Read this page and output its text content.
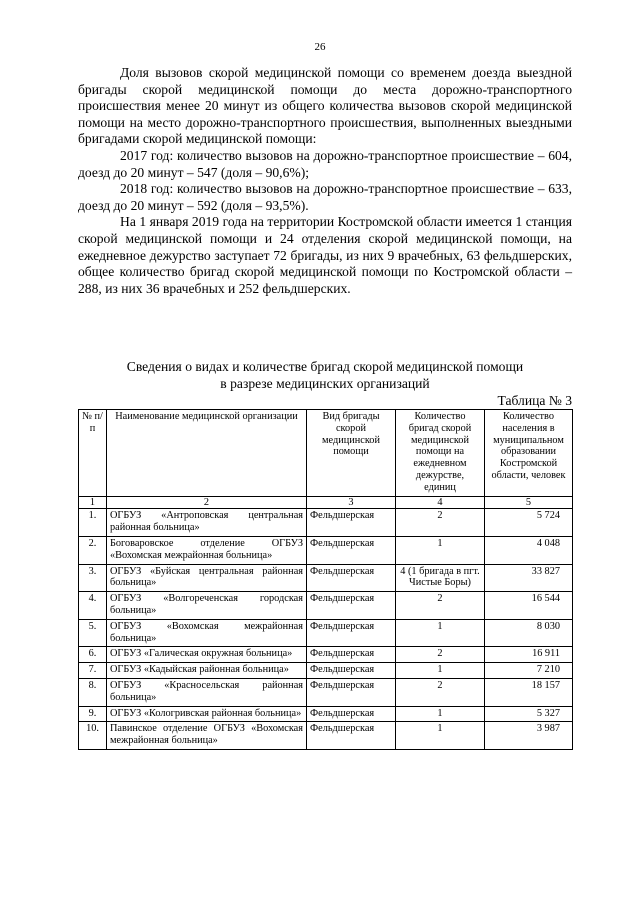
26

Доля вызовов скорой медицинской помощи со временем доезда выездной бригады скорой медицинской помощи до места дорожно-транспортного происшествия менее 20 минут из общего количества вызовов скорой медицинской помощи на место дорожно-транспортного происшествия, выполненных выездными бригадами скорой медицинской помощи:

2017 год: количество вызовов на дорожно-транспортное происшествие – 604, доезд до 20 минут – 547 (доля – 90,6%);

2018 год: количество вызовов на дорожно-транспортное происшествие – 633, доезд до 20 минут – 592 (доля – 93,5%).

На 1 января 2019 года на территории Костромской области имеется 1 станция скорой медицинской помощи и 24 отделения скорой медицинской помощи, на ежедневное дежурство заступает 72 бригады, из них 9 врачебных, 63 фельдшерских, общее количество бригад скорой медицинской помощи по Костромской области – 288, из них 36 врачебных и 252 фельдшерских.

Сведения о видах и количестве бригад скорой медицинской помощи
в разрезе медицинских организаций
Таблица № 3
№ п/п	Наименование медицинской организации	Вид бригады скорой медицинской помощи	Количество бригад скорой медицинской помощи на ежедневном дежурстве, единиц	Количество населения в муниципальном образовании Костромской области, человек
1	2	3	4	5
1.	ОГБУЗ «Антроповская центральная районная больница»	Фельдшерская	2	5 724
2.	Боговаровское отделение ОГБУЗ «Вохомская межрайонная больница»	Фельдшерская	1	4 048
3.	ОГБУЗ «Буйская центральная районная больница»	Фельдшерская	4 (1 бригада в пгт. Чистые Боры)	33 827
4.	ОГБУЗ «Волгореченская городская больница»	Фельдшерская	2	16 544
5.	ОГБУЗ «Вохомская межрайонная больница»	Фельдшерская	1	8 030
6.	ОГБУЗ «Галическая окружная больница»	Фельдшерская	2	16 911
7.	ОГБУЗ «Кадыйская районная больница»	Фельдшерская	1	7 210
8.	ОГБУЗ «Красносельская районная больница»	Фельдшерская	2	18 157
9.	ОГБУЗ «Кологривская районная больница»	Фельдшерская	1	5 327
10.	Павинское отделение ОГБУЗ «Вохомская межрайонная больница»	Фельдшерская	1	3 987
